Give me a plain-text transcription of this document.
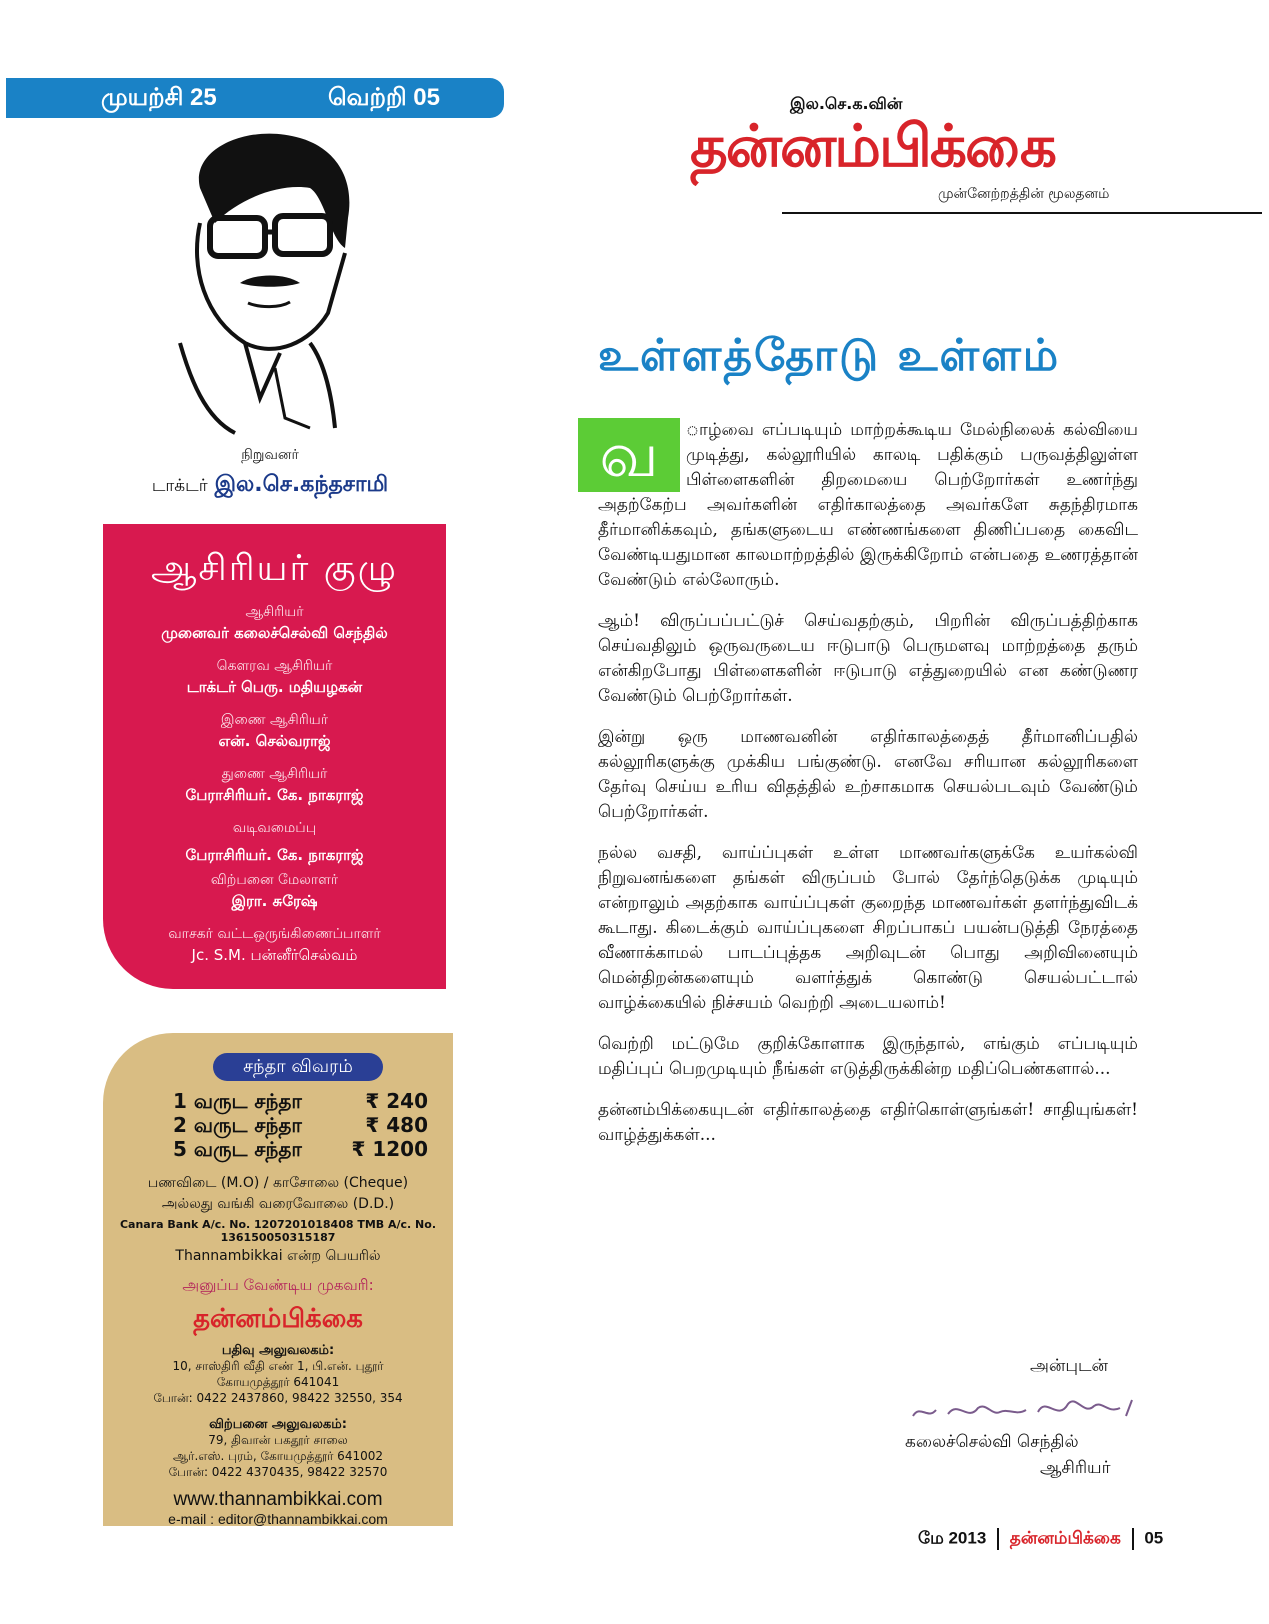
முயற்சி 25	வெற்றி 05
நிறுவனர்
டாக்டர் இல.செ.கந்தசாமி
ஆசிரியர் குழு
ஆசிரியர்
முனைவர் கலைச்செல்வி செந்தில்
கௌரவ ஆசிரியர்
டாக்டர் பெரு. மதியழகன்
இணை ஆசிரியர்
என். செல்வராஜ்
துணை ஆசிரியர்
பேராசிரியர். கே. நாகராஜ்
வடிவமைப்பு
பேராசிரியர். கே. நாகராஜ்
விற்பனை மேலாளர்
இரா. சுரேஷ்
வாசகர் வட்டஒருங்கிணைப்பாளர்
Jc. S.M. பன்னீர்செல்வம்
சந்தா விவரம்
1 வருட சந்தா	₹ 240
2 வருட சந்தா	₹ 480
5 வருட சந்தா ₹ 1200
பணவிடை (M.O) / காசோலை (Cheque)
அல்லது வங்கி வரைவோலை (D.D.)
Canara Bank A/c. No. 1207201018408 TMB A/c. No. 136150050315187
Thannambikkai என்ற பெயரில்
அனுப்ப வேண்டிய முகவரி:
தன்னம்பிக்கை
பதிவு அலுவலகம்:
10, சாஸ்திரி வீதி எண் 1, பி.என். புதூர்
கோயமுத்தூர் 641041
போன்: 0422 2437860, 98422 32550, 354
விற்பனை அலுவலகம்:
79, திவான் பகதூர் சாலை
ஆர்.எஸ். புரம், கோயமுத்தூர் 641002
போன்: 0422 4370435, 98422 32570
www.thannambikkai.com
e-mail : editor@thannambikkai.com
இல.செ.க.வின்
தன்னம்பிக்கை
முன்னேற்றத்தின் மூலதனம்
உள்ளத்தோடு உள்ளம்

வ	ாழ்வை எப்படியும் மாற்றக்கூடிய மேல்நிலைக் கல்வியை முடித்து, கல்லூரியில் காலடி பதிக்கும் பருவத்திலுள்ள பிள்ளைகளின் திறமையை பெற்றோர்கள் உணர்ந்து அதற்கேற்ப அவர்களின் எதிர்காலத்தை அவர்களே சுதந்திரமாக தீர்மானிக்கவும், தங்களுடைய எண்ணங்களை திணிப்பதை கைவிட வேண்டியதுமான காலமாற்றத்தில் இருக்கிறோம் என்பதை உணரத்தான் வேண்டும் எல்லோரும்.

ஆம்! விருப்பப்பட்டுச் செய்வதற்கும், பிறரின் விருப்பத்திற்காக செய்வதிலும் ஒருவருடைய ஈடுபாடு பெருமளவு மாற்றத்தை தரும் என்கிறபோது பிள்ளைகளின் ஈடுபாடு எத்துறையில் என கண்டுணர வேண்டும் பெற்றோர்கள்.

இன்று ஒரு மாணவனின் எதிர்காலத்தைத் தீர்மானிப்பதில் கல்லூரிகளுக்கு முக்கிய பங்குண்டு. எனவே சரியான கல்லூரிகளை தேர்வு செய்ய உரிய விதத்தில் உற்சாகமாக செயல்படவும் வேண்டும் பெற்றோர்கள்.

நல்ல வசதி, வாய்ப்புகள் உள்ள மாணவர்களுக்கே உயர்கல்வி நிறுவனங்களை தங்கள் விருப்பம் போல் தேர்ந்தெடுக்க முடியும் என்றாலும் அதற்காக வாய்ப்புகள் குறைந்த மாணவர்கள் தளர்ந்துவிடக் கூடாது. கிடைக்கும் வாய்ப்புகளை சிறப்பாகப் பயன்படுத்தி நேரத்தை வீணாக்காமல் பாடப்புத்தக அறிவுடன் பொது அறிவினையும் மென்திறன்களையும் வளர்த்துக் கொண்டு செயல்பட்டால் வாழ்க்கையில் நிச்சயம் வெற்றி அடையலாம்!

வெற்றி மட்டுமே குறிக்கோளாக இருந்தால், எங்கும் எப்படியும் மதிப்புப் பெறமுடியும் நீங்கள் எடுத்திருக்கின்ற மதிப்பெண்களால்...

தன்னம்பிக்கையுடன் எதிர்காலத்தை எதிர்கொள்ளுங்கள்! சாதியுங்கள்! வாழ்த்துக்கள்...

அன்புடன்
கலைச்செல்வி செந்தில்
ஆசிரியர்
மே 2013 தன்னம்பிக்கை 05
